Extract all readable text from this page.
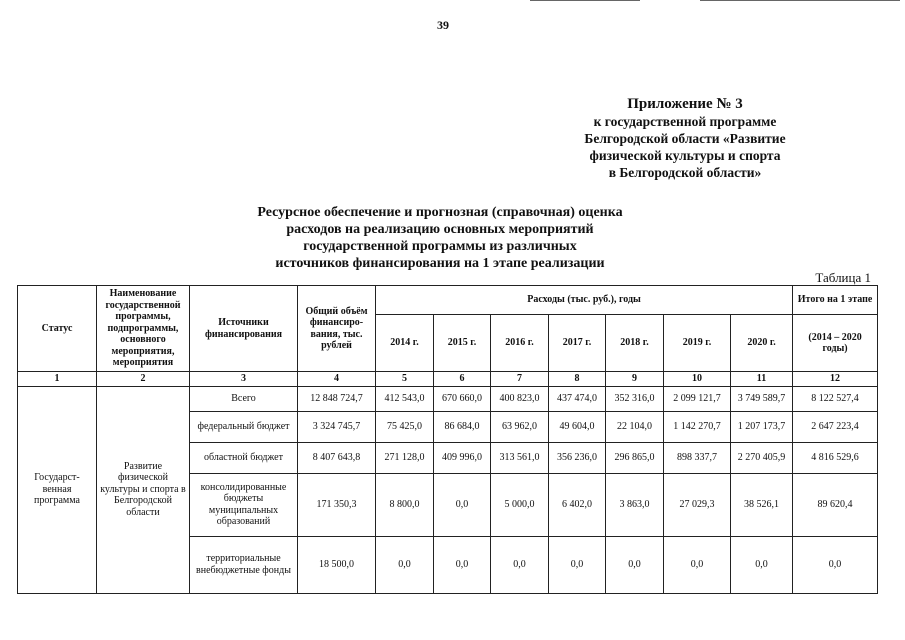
39
Приложение № 3
к государственной программе
Белгородской области «Развитие
физической культуры и спорта
в Белгородской области»
Ресурсное обеспечение и прогнозная (справочная) оценка
расходов на реализацию основных мероприятий
государственной программы из различных
источников финансирования на 1 этапе реализации
Таблица 1
Статус	Наименование государственной программы, подпрограммы, основного мероприятия, мероприятия	Источники финансирования	Общий объём финансиро-вания, тыс. рублей	Расходы (тыс. руб.), годы							Итого на 1 этапе
				2014 г.	2015 г.	2016 г.	2017 г.	2018 г.	2019 г.	2020 г.	(2014 – 2020 годы)
1	2	3	4	5	6	7	8	9	10	11	12
Государст-венная программа	Развитие физической культуры и спорта в Белгородской области	Всего	12 848 724,7	412 543,0	670 660,0	400 823,0	437 474,0	352 316,0	2 099 121,7	3 749 589,7	8 122 527,4
		федеральный бюджет	3 324 745,7	75 425,0	86 684,0	63 962,0	49 604,0	22 104,0	1 142 270,7	1 207 173,7	2 647 223,4
		областной бюджет	8 407 643,8	271 128,0	409 996,0	313 561,0	356 236,0	296 865,0	898 337,7	2 270 405,9	4 816 529,6
		консолидированные бюджеты муниципальных образований	171 350,3	8 800,0	0,0	5 000,0	6 402,0	3 863,0	27 029,3	38 526,1	89 620,4
		территориальные внебюджетные фонды	18 500,0	0,0	0,0	0,0	0,0	0,0	0,0	0,0	0,0
